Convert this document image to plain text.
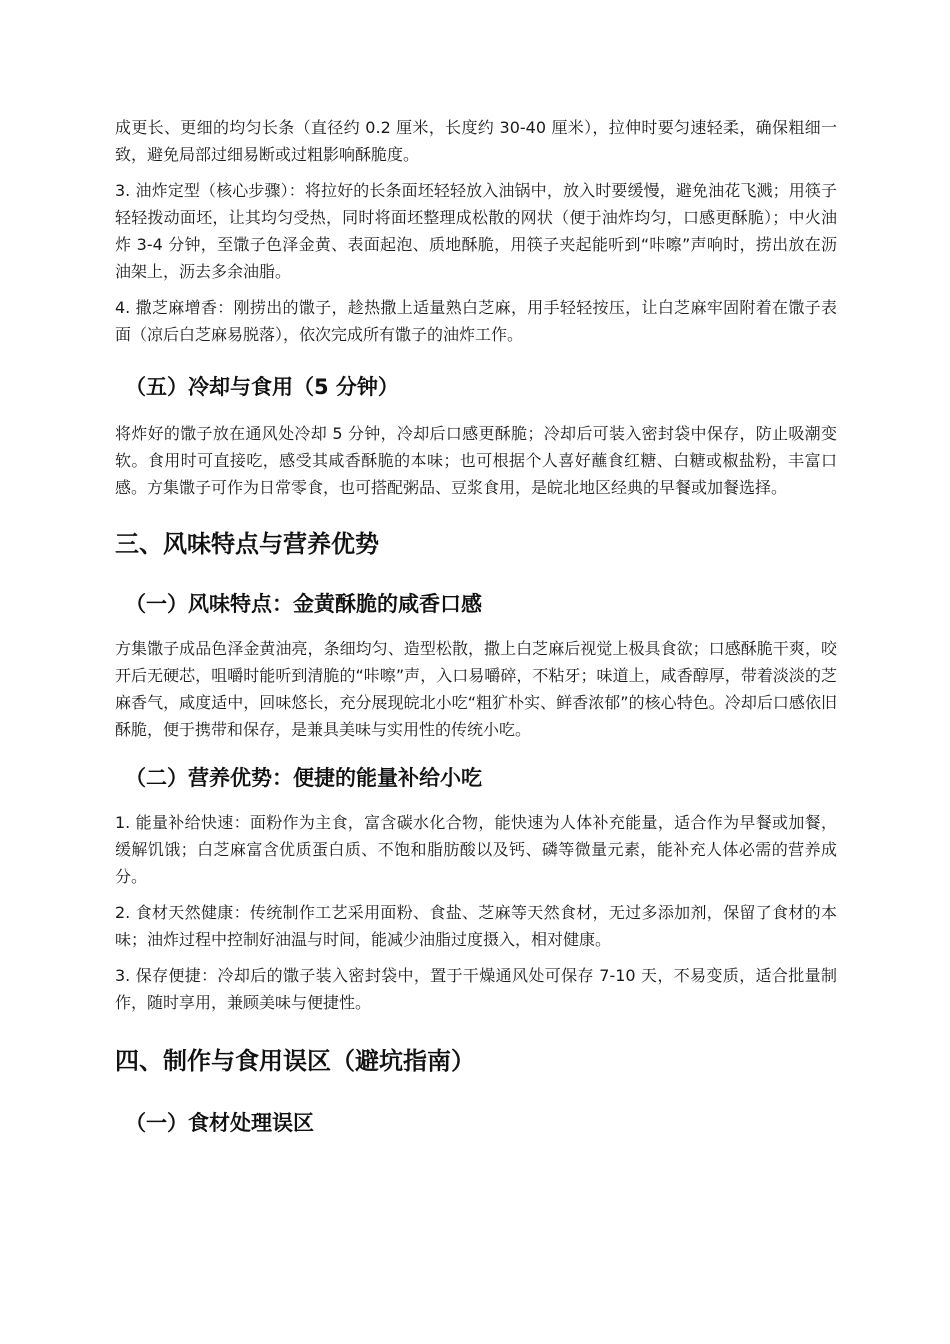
成更长、更细的均匀长条（直径约 0.2 厘米，长度约 30-40 厘米），拉伸时要匀速轻柔，确保粗细一致，避免局部过细易断或过粗影响酥脆度。

3. 油炸定型（核心步骤）：将拉好的长条面坯轻轻放入油锅中，放入时要缓慢，避免油花飞溅；用筷子轻轻拨动面坯，让其均匀受热，同时将面坯整理成松散的网状（便于油炸均匀，口感更酥脆）；中火油炸 3-4 分钟，至馓子色泽金黄、表面起泡、质地酥脆，用筷子夹起能听到“咔嚓”声响时，捞出放在沥油架上，沥去多余油脂。

4. 撒芝麻增香：刚捞出的馓子，趁热撒上适量熟白芝麻，用手轻轻按压，让白芝麻牢固附着在馓子表面（凉后白芝麻易脱落），依次完成所有馓子的油炸工作。

（五）冷却与食用（5 分钟）

将炸好的馓子放在通风处冷却 5 分钟，冷却后口感更酥脆；冷却后可装入密封袋中保存，防止吸潮变软。食用时可直接吃，感受其咸香酥脆的本味；也可根据个人喜好蘸食红糖、白糖或椒盐粉，丰富口感。方集馓子可作为日常零食，也可搭配粥品、豆浆食用，是皖北地区经典的早餐或加餐选择。

三、风味特点与营养优势
（一）风味特点：金黄酥脆的咸香口感

方集馓子成品色泽金黄油亮，条细均匀、造型松散，撒上白芝麻后视觉上极具食欲；口感酥脆干爽，咬开后无硬芯，咀嚼时能听到清脆的“咔嚓”声，入口易嚼碎，不粘牙；味道上，咸香醇厚，带着淡淡的芝麻香气，咸度适中，回味悠长，充分展现皖北小吃“粗犷朴实、鲜香浓郁”的核心特色。冷却后口感依旧酥脆，便于携带和保存，是兼具美味与实用性的传统小吃。

（二）营养优势：便捷的能量补给小吃

1. 能量补给快速：面粉作为主食，富含碳水化合物，能快速为人体补充能量，适合作为早餐或加餐，缓解饥饿；白芝麻富含优质蛋白质、不饱和脂肪酸以及钙、磷等微量元素，能补充人体必需的营养成分。

2. 食材天然健康：传统制作工艺采用面粉、食盐、芝麻等天然食材，无过多添加剂，保留了食材的本味；油炸过程中控制好油温与时间，能减少油脂过度摄入，相对健康。

3. 保存便捷：冷却后的馓子装入密封袋中，置于干燥通风处可保存 7-10 天，不易变质，适合批量制作，随时享用，兼顾美味与便捷性。

四、制作与食用误区（避坑指南）
（一）食材处理误区
